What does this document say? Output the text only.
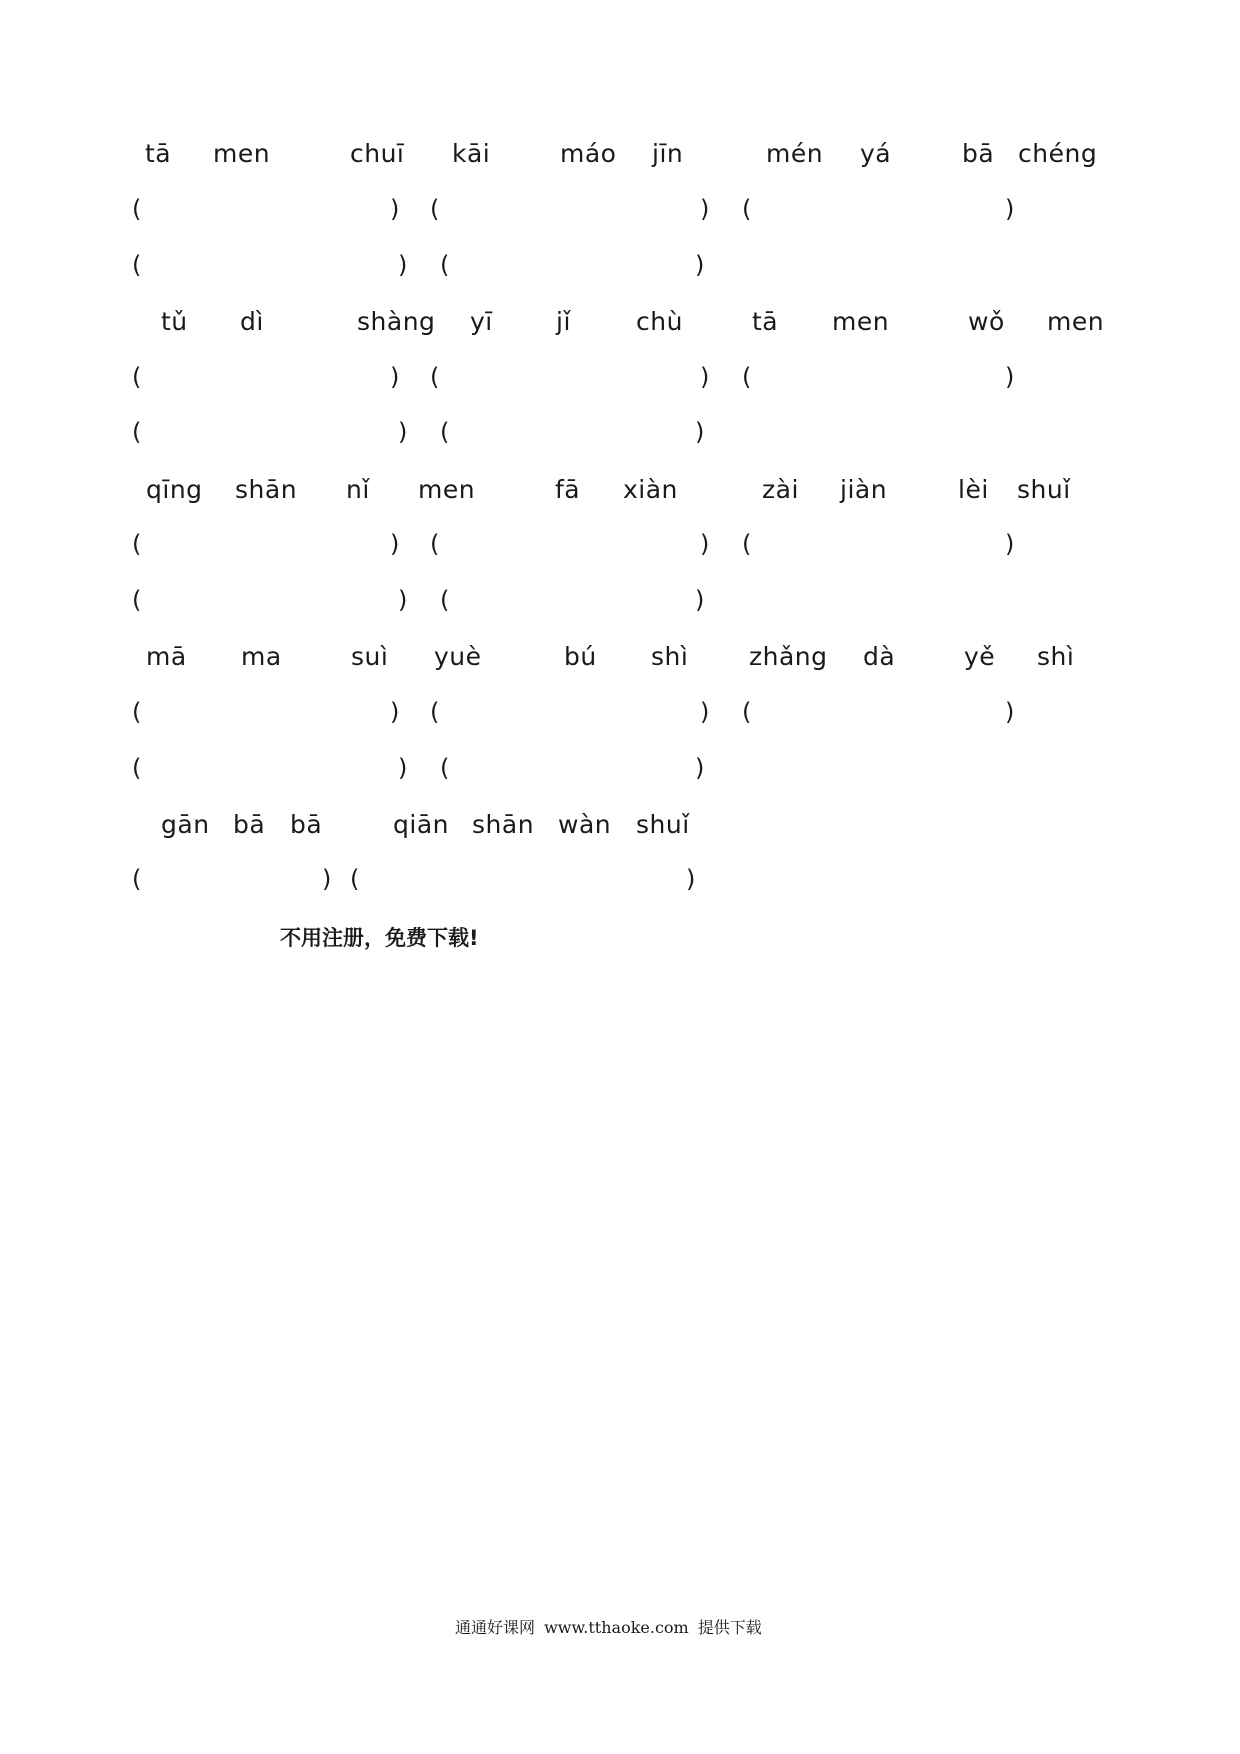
tā men	chuī kāi	máo jīn	mén yá	bā chéng
(	) (	) (	)
(	) (	)
tǔ dì	shàng yī	jǐ	chù	tā men	wǒ men
(	) (	) (	)
(	) (	)
qīng shān nǐ men	fā xiàn	zài jiàn	lèi shuǐ
(	) (	) (	)
(	) (	)
mā ma	suì yuè	bú shì zhǎng dà	yě shì
(	) (	) (	)
(	) (	)
gān bā bā	qiān shān wàn shuǐ
(	) (	)
不用注册，免费下载!
通通好课网 www.tthaoke.com 提供下载
